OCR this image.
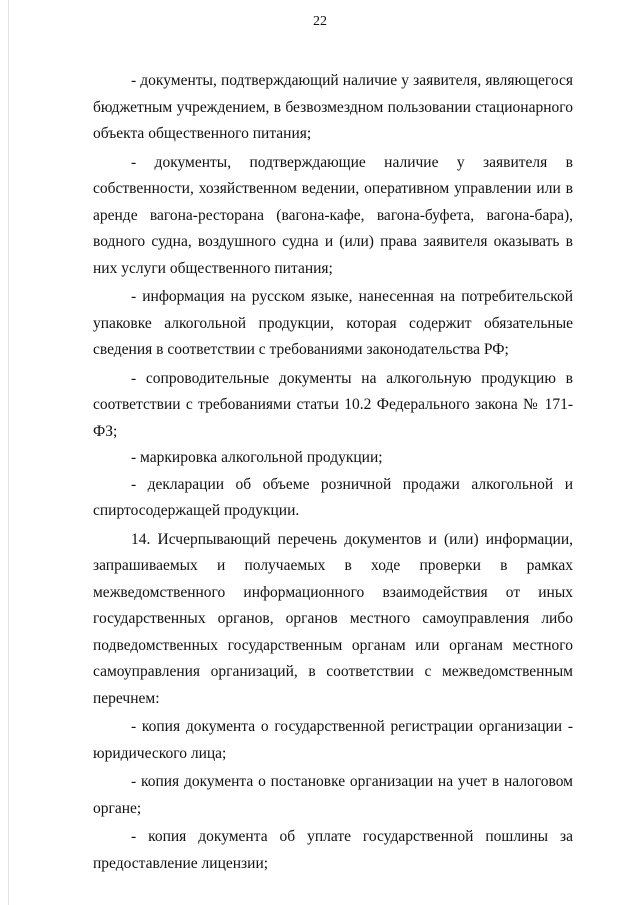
22

- документы, подтверждающий наличие у заявителя, являющегося бюджетным учреждением, в безвозмездном пользовании стационарного объекта общественного питания;

- документы, подтверждающие наличие у заявителя в собственности, хозяйственном ведении, оперативном управлении или в аренде вагона-ресторана (вагона-кафе, вагона-буфета, вагона-бара), водного судна, воздушного судна и (или) права заявителя оказывать в них услуги общественного питания;

- информация на русском языке, нанесенная на потребительской упаковке алкогольной продукции, которая содержит обязательные сведения в соответствии с требованиями законодательства РФ;

- сопроводительные документы на алкогольную продукцию в соответствии с требованиями статьи 10.2 Федерального закона № 171-ФЗ;

- маркировка алкогольной продукции;

- декларации об объеме розничной продажи алкогольной и спиртосодержащей продукции.

14. Исчерпывающий перечень документов и (или) информации, запрашиваемых и получаемых в ходе проверки в рамках межведомственного информационного взаимодействия от иных государственных органов, органов местного самоуправления либо подведомственных государственным органам или органам местного самоуправления организаций, в соответствии с межведомственным перечнем:

- копия документа о государственной регистрации организации - юридического лица;

- копия документа о постановке организации на учет в налоговом органе;

- копия документа об уплате государственной пошлины за предоставление лицензии;
